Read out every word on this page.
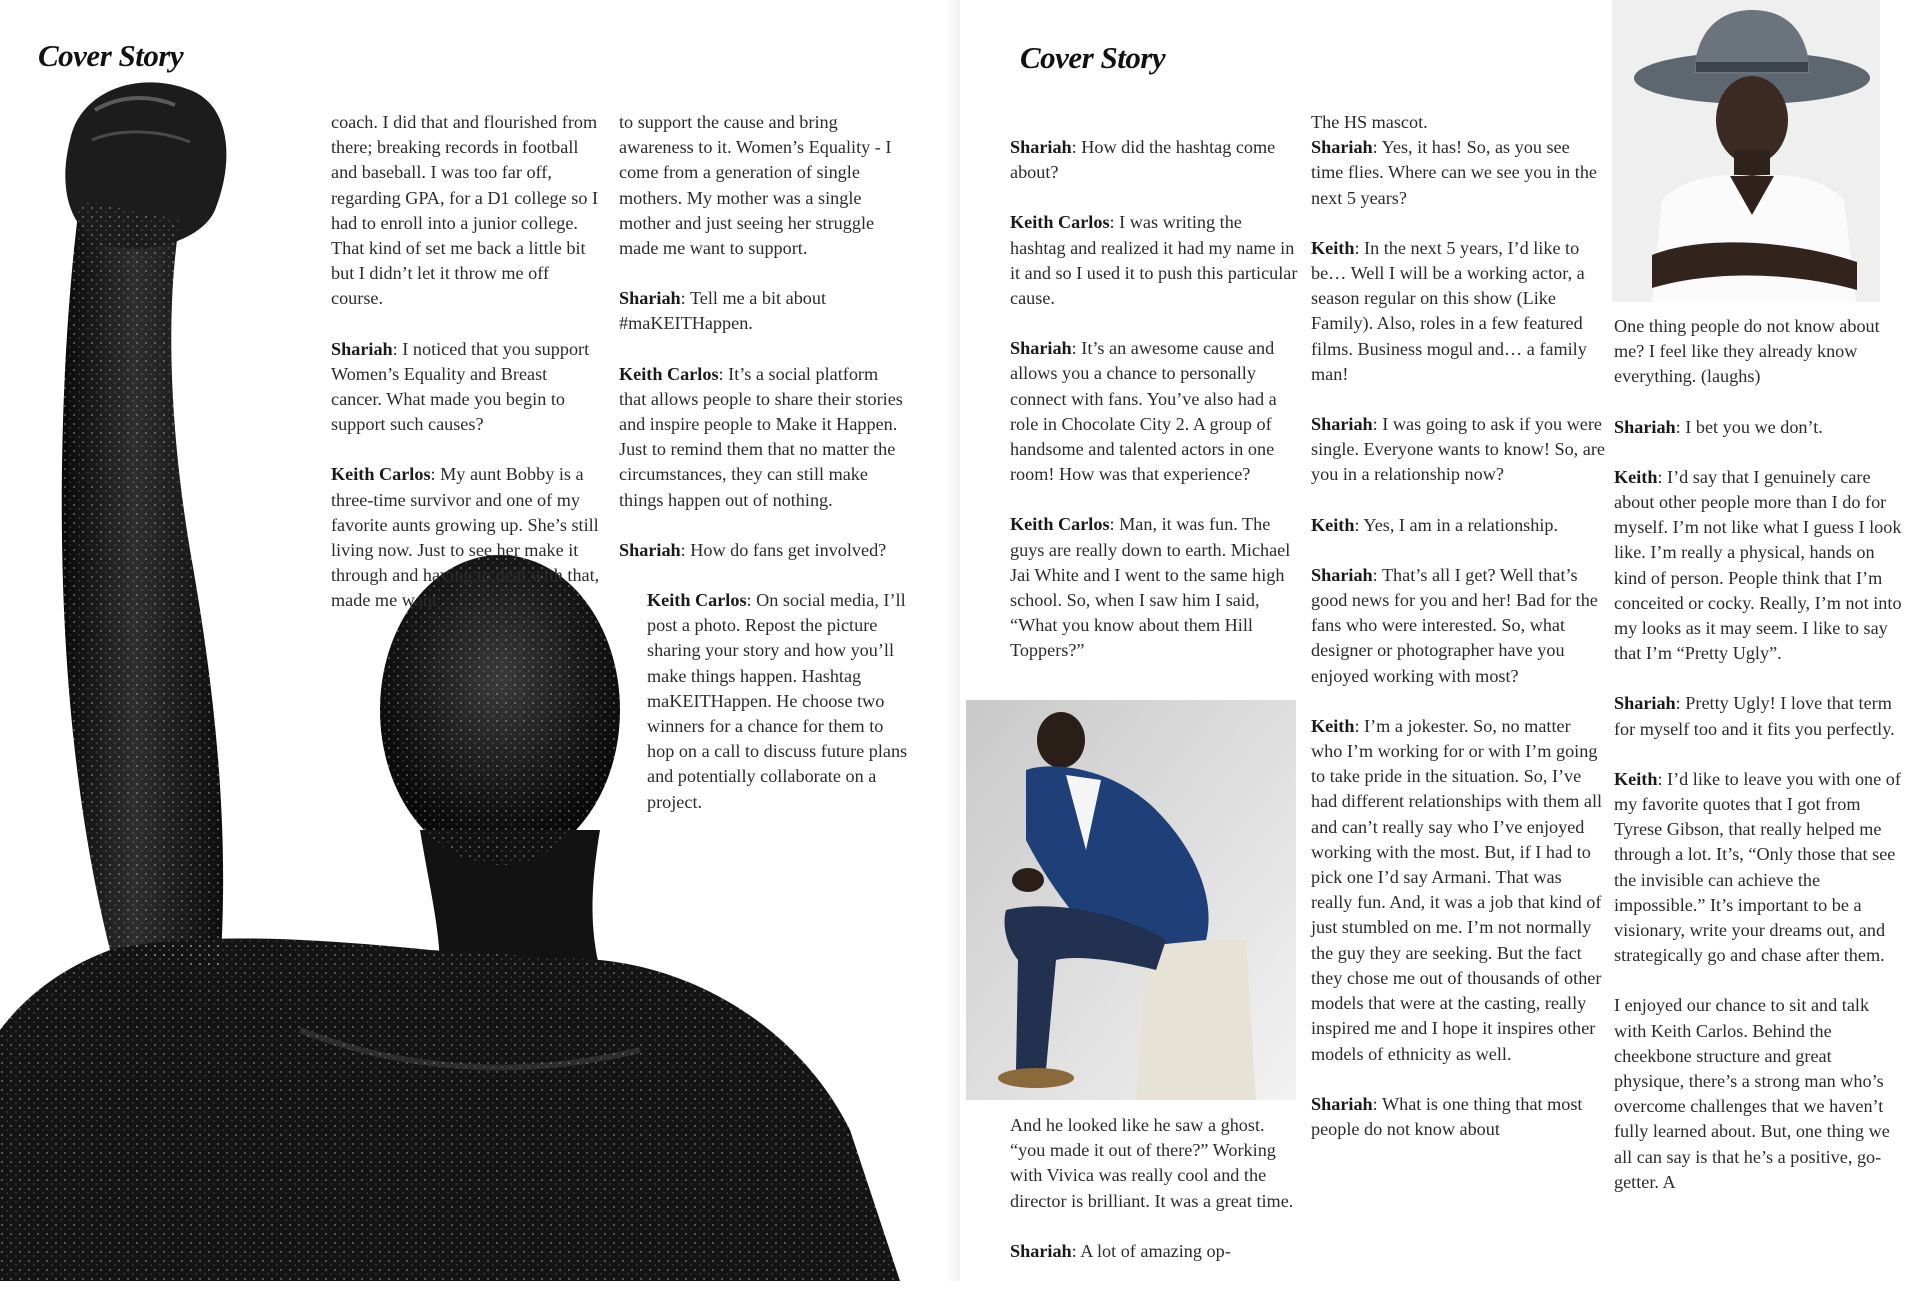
Cover Story

coach. I did that and flourished from there; breaking records in football and baseball. I was too far off, regarding GPA, for a D1 college so I had to enroll into a junior college. That kind of set me back a little bit but I didn’t let it throw me off course.

Shariah: I noticed that you support Women’s Equality and Breast cancer. What made you begin to support such causes?

Keith Carlos: My aunt Bobby is a three-time survivor and one of my favorite aunts growing up. She’s still living now. Just to see her make it through and having to deal with that, made me want

to support the cause and bring awareness to it. Women’s Equality - I come from a generation of single mothers. My mother was a single mother and just seeing her struggle made me want to support.

Shariah: Tell me a bit about #maKEITHappen.

Keith Carlos: It’s a social platform that allows people to share their stories and inspire people to Make it Happen. Just to remind them that no matter the circumstances, they can still make things happen out of nothing.

Shariah: How do fans get involved?

Keith Carlos: On social media, I’ll post a photo. Repost the picture sharing your story and how you’ll make things happen. Hashtag maKEITHappen. He choose two winners for a chance for them to hop on a call to discuss future plans and potentially collaborate on a project.

Cover Story

Shariah: How did the hashtag come about?

Keith Carlos: I was writing the hashtag and realized it had my name in it and so I used it to push this particular cause.

Shariah: It’s an awesome cause and allows you a chance to personally connect with fans. You’ve also had a role in Chocolate City 2. A group of handsome and talented actors in one room! How was that experience?

Keith Carlos: Man, it was fun. The guys are really down to earth. Michael Jai White and I went to the same high school. So, when I saw him I said, “What you know about them Hill Toppers?”

And he looked like he saw a ghost. “you made it out of there?” Working with Vivica was really cool and the director is brilliant. It was a great time.

Shariah: A lot of amazing op-

The HS mascot.

Shariah: Yes, it has! So, as you see time flies. Where can we see you in the next 5 years?

Keith: In the next 5 years, I’d like to be… Well I will be a working actor, a season regular on this show (Like Family). Also, roles in a few featured films. Business mogul and… a family man!

Shariah: I was going to ask if you were single. Everyone wants to know! So, are you in a relationship now?

Keith: Yes, I am in a relationship.

Shariah: That’s all I get? Well that’s good news for you and her! Bad for the fans who were interested. So, what designer or photographer have you enjoyed working with most?

Keith: I’m a jokester. So, no matter who I’m working for or with I’m going to take pride in the situation. So, I’ve had different relationships with them all and can’t really say who I’ve enjoyed working with the most. But, if I had to pick one I’d say Armani. That was really fun. And, it was a job that kind of just stumbled on me. I’m not normally the guy they are seeking. But the fact they chose me out of thousands of other models that were at the casting, really inspired me and I hope it inspires other models of ethnicity as well.

Shariah: What is one thing that most people do not know about

One thing people do not know about me? I feel like they already know everything. (laughs)

Shariah: I bet you we don’t.

Keith: I’d say that I genuinely care about other people more than I do for myself. I’m not like what I guess I look like. I’m really a physical, hands on kind of person. People think that I’m conceited or cocky. Really, I’m not into my looks as it may seem. I like to say that I’m “Pretty Ugly”.

Shariah: Pretty Ugly! I love that term for myself too and it fits you perfectly.

Keith: I’d like to leave you with one of my favorite quotes that I got from Tyrese Gibson, that really helped me through a lot. It’s, “Only those that see the invisible can achieve the impossible.” It’s important to be a visionary, write your dreams out, and strategically go and chase after them.

I enjoyed our chance to sit and talk with Keith Carlos. Behind the cheekbone structure and great physique, there’s a strong man who’s overcome challenges that we haven’t fully learned about. But, one thing we all can say is that he’s a positive, go-getter. A
